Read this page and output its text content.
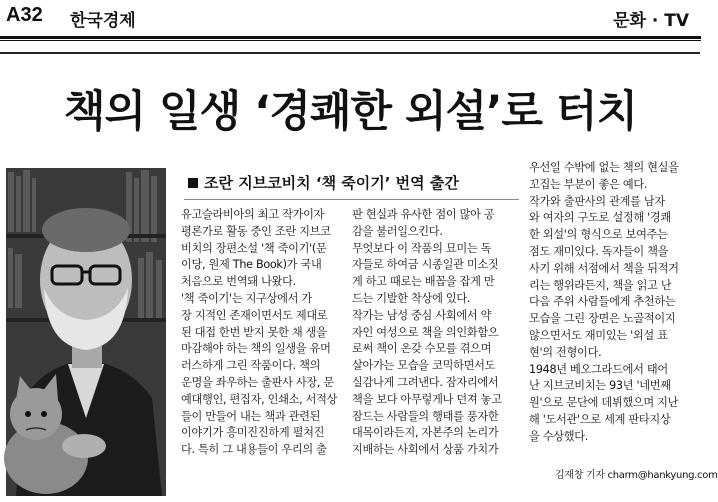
A32 한국경제	문화 · TV
책의 일생 ‘경쾌한 외설’로 터치
조란 지브코비치 ‘책 죽이기’ 번역 출간
유고슬라비아의 최고 작가이자
평론가로 활동 중인 조란 지브코
비치의 장편소설 '책 죽이기'(문
이당, 원제 The Book)가 국내
처음으로 번역돼 나왔다.
'책 죽이기'는 지구상에서 가
장 지적인 존재이면서도 제대로
된 대접 한번 받지 못한 채 생을
마감해야 하는 책의 일생을 유머
러스하게 그린 작품이다. 책의
운명을 좌우하는 출판사 사장, 문
예대행인, 편집자, 인쇄소, 서적상
들이 만들어 내는 책과 관련된
이야기가 흥미진진하게 펼쳐진
다. 특히 그 내용들이 우리의 출
판 현실과 유사한 점이 많아 공
감을 불러일으킨다.
무엇보다 이 작품의 묘미는 독
자들로 하여금 시종일관 미소짓
게 하고 때로는 배꼽을 잡게 만
드는 기발한 착상에 있다.
작가는 남성 중심 사회에서 약
자인 여성으로 책을 의인화함으
로써 책이 온갖 수모를 겪으며
살아가는 모습을 코믹하면서도
실감나게 그려낸다. 잠자리에서
책을 보다 아무렇게나 던져 놓고
잠드는 사람들의 행태를 풍자한
대목이라든지, 자본주의 논리가
지배하는 사회에서 상품 가치가
우선일 수밖에 없는 책의 현실을
꼬집는 부분이 좋은 예다.
작가와 출판사의 관계를 남자
와 여자의 구도로 설정해 '경쾌
한 외설'의 형식으로 보여주는
점도 재미있다. 독자들이 책을
사기 위해 서점에서 책을 뒤적거
리는 행위라든지, 책을 읽고 난
다음 주위 사람들에게 추천하는
모습을 그린 장면은 노골적이지
않으면서도 재미있는 '외설 표
현'의 전형이다.
1948년 베오그라드에서 태어
난 지브코비치는 93년 '네번째
원'으로 문단에 데뷔했으며 지난
해 '도서관'으로 세계 판타지상
을 수상했다.
김재창 기자 charm@hankyung.com
